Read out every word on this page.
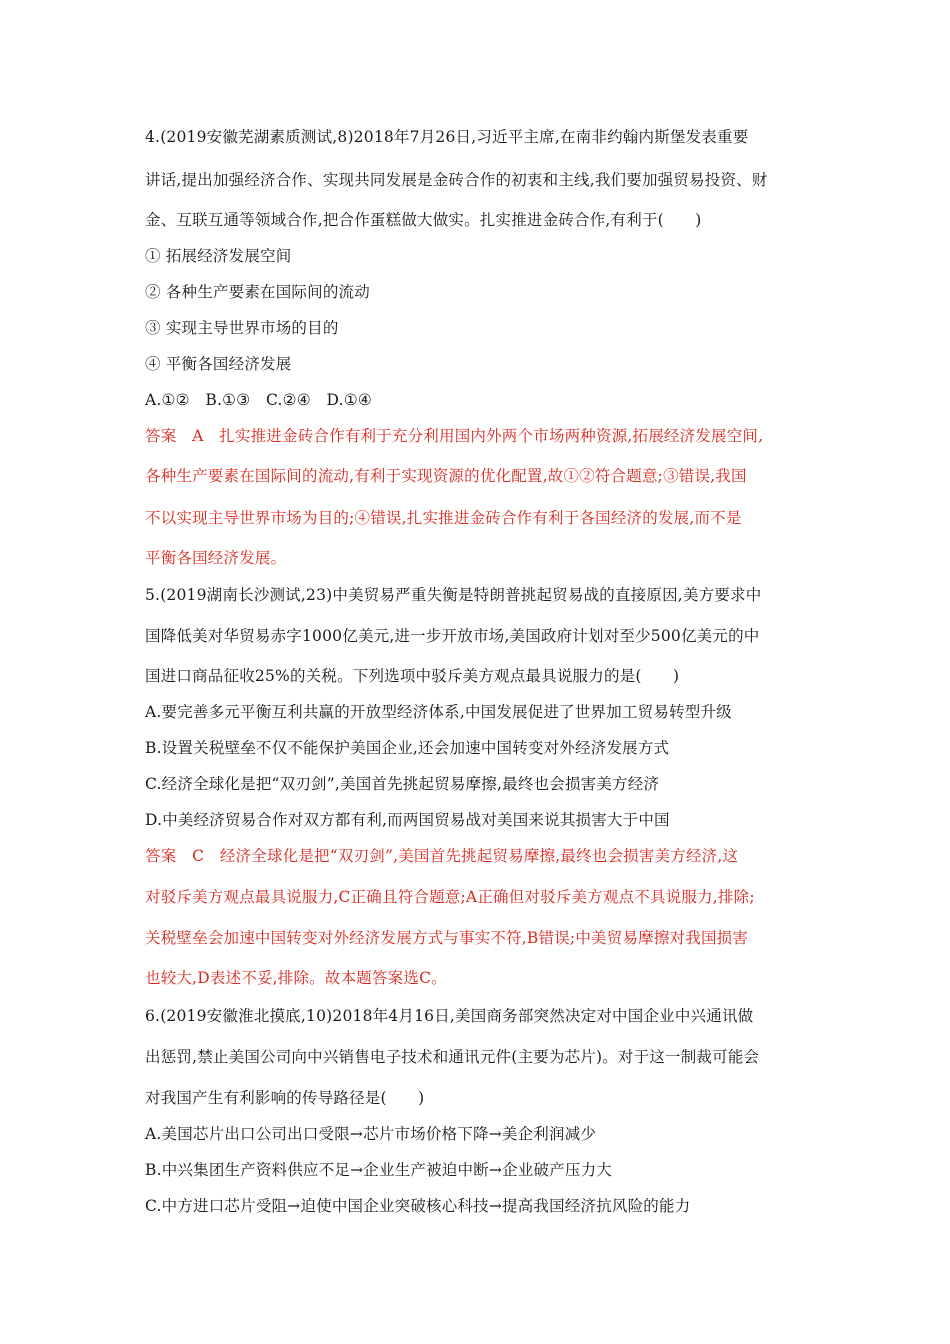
4.(2019安徽芜湖素质测试,8)2018年7月26日,习近平主席,在南非约翰内斯堡发表重要
讲话,提出加强经济合作、实现共同发展是金砖合作的初衷和主线,我们要加强贸易投资、财
金、互联互通等领域合作,把合作蛋糕做大做实。扎实推进金砖合作,有利于(　　)
① 拓展经济发展空间
② 各种生产要素在国际间的流动
③ 实现主导世界市场的目的
④ 平衡各国经济发展
A.①②　B.①③　C.②④　D.①④
答案　A　扎实推进金砖合作有利于充分利用国内外两个市场两种资源,拓展经济发展空间,
各种生产要素在国际间的流动,有利于实现资源的优化配置,故①②符合题意;③错误,我国
不以实现主导世界市场为目的;④错误,扎实推进金砖合作有利于各国经济的发展,而不是
平衡各国经济发展。
5.(2019湖南长沙测试,23)中美贸易严重失衡是特朗普挑起贸易战的直接原因,美方要求中
国降低美对华贸易赤字1000亿美元,进一步开放市场,美国政府计划对至少500亿美元的中
国进口商品征收25%的关税。下列选项中驳斥美方观点最具说服力的是(　　)
A.要完善多元平衡互利共赢的开放型经济体系,中国发展促进了世界加工贸易转型升级
B.设置关税壁垒不仅不能保护美国企业,还会加速中国转变对外经济发展方式
C.经济全球化是把“双刃剑”,美国首先挑起贸易摩擦,最终也会损害美方经济
D.中美经济贸易合作对双方都有利,而两国贸易战对美国来说其损害大于中国
答案　C　经济全球化是把“双刃剑”,美国首先挑起贸易摩擦,最终也会损害美方经济,这
对驳斥美方观点最具说服力,C正确且符合题意;A正确但对驳斥美方观点不具说服力,排除;
关税壁垒会加速中国转变对外经济发展方式与事实不符,B错误;中美贸易摩擦对我国损害
也较大,D表述不妥,排除。故本题答案选C。
6.(2019安徽淮北摸底,10)2018年4月16日,美国商务部突然决定对中国企业中兴通讯做
出惩罚,禁止美国公司向中兴销售电子技术和通讯元件(主要为芯片)。对于这一制裁可能会
对我国产生有利影响的传导路径是(　　)
A.美国芯片出口公司出口受限→芯片市场价格下降→美企利润减少
B.中兴集团生产资料供应不足→企业生产被迫中断→企业破产压力大
C.中方进口芯片受阻→迫使中国企业突破核心科技→提高我国经济抗风险的能力
